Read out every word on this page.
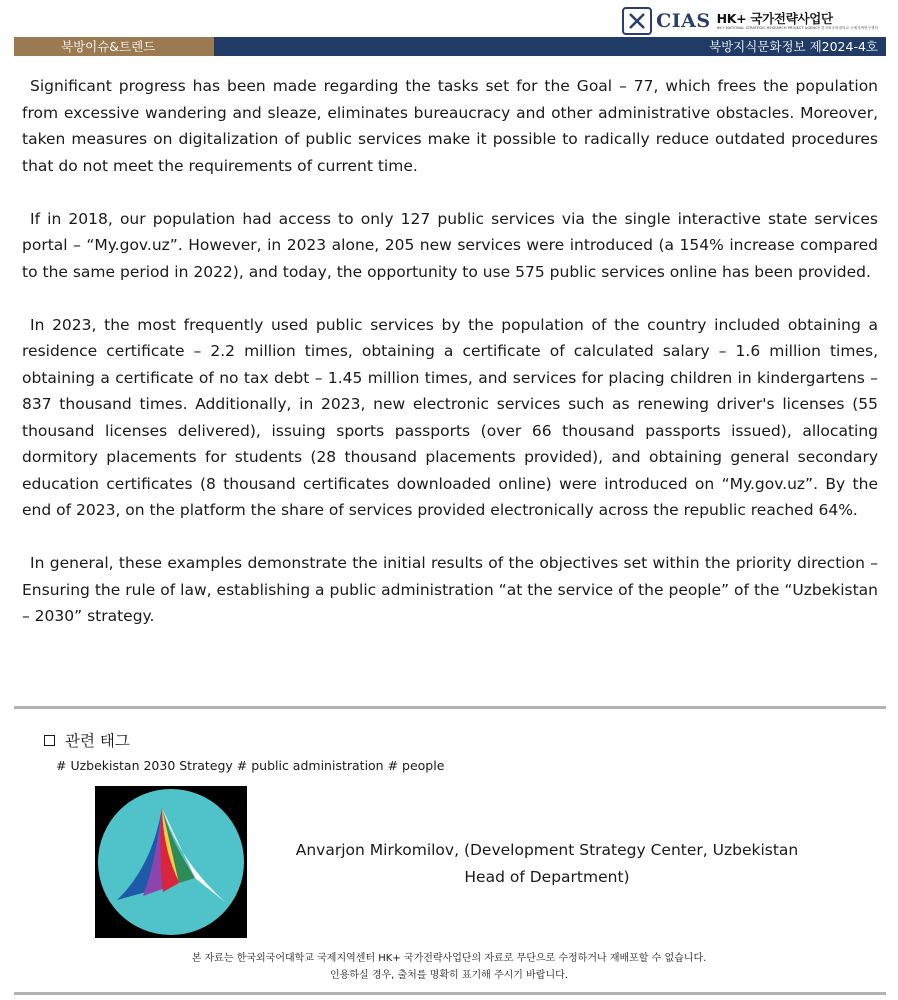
CIAS HK+ 국가전략사업단
HK+ NATIONAL STRATEGIC RESEARCH PROJECT AGENCY 한국외국어대학교 국제지역연구센터
북방이슈&트렌드	북방지식문화정보 제2024-4호

Significant progress has been made regarding the tasks set for the Goal – 77, which frees the population from excessive wandering and sleaze, eliminates bureaucracy and other administrative obstacles. Moreover, taken measures on digitalization of public services make it possible to radically reduce outdated procedures that do not meet the requirements of current time.

If in 2018, our population had access to only 127 public services via the single interactive state services portal – “My.gov.uz”. However, in 2023 alone, 205 new services were introduced (a 154% increase compared to the same period in 2022), and today, the opportunity to use 575 public services online has been provided.

In 2023, the most frequently used public services by the population of the country included obtaining a residence certificate – 2.2 million times, obtaining a certificate of calculated salary – 1.6 million times, obtaining a certificate of no tax debt – 1.45 million times, and services for placing children in kindergartens – 837 thousand times. Additionally, in 2023, new electronic services such as renewing driver's licenses (55 thousand licenses delivered), issuing sports passports (over 66 thousand passports issued), allocating dormitory placements for students (28 thousand placements provided), and obtaining general secondary education certificates (8 thousand certificates downloaded online) were introduced on “My.gov.uz”. By the end of 2023, on the platform the share of services provided electronically across the republic reached 64%.

In general, these examples demonstrate the initial results of the objectives set within the priority direction – Ensuring the rule of law, establishing a public administration “at the service of the people” of the “Uzbekistan – 2030” strategy.

관련 태그
# Uzbekistan 2030 Strategy # public administration # people
Anvarjon Mirkomilov, (Development Strategy Center, Uzbekistan
Head of Department)
본 자료는 한국외국어대학교 국제지역센터 HK+ 국가전략사업단의 자료로 무단으로 수정하거나 재배포할 수 없습니다.
인용하실 경우, 출처를 명확히 표기해 주시기 바랍니다.
